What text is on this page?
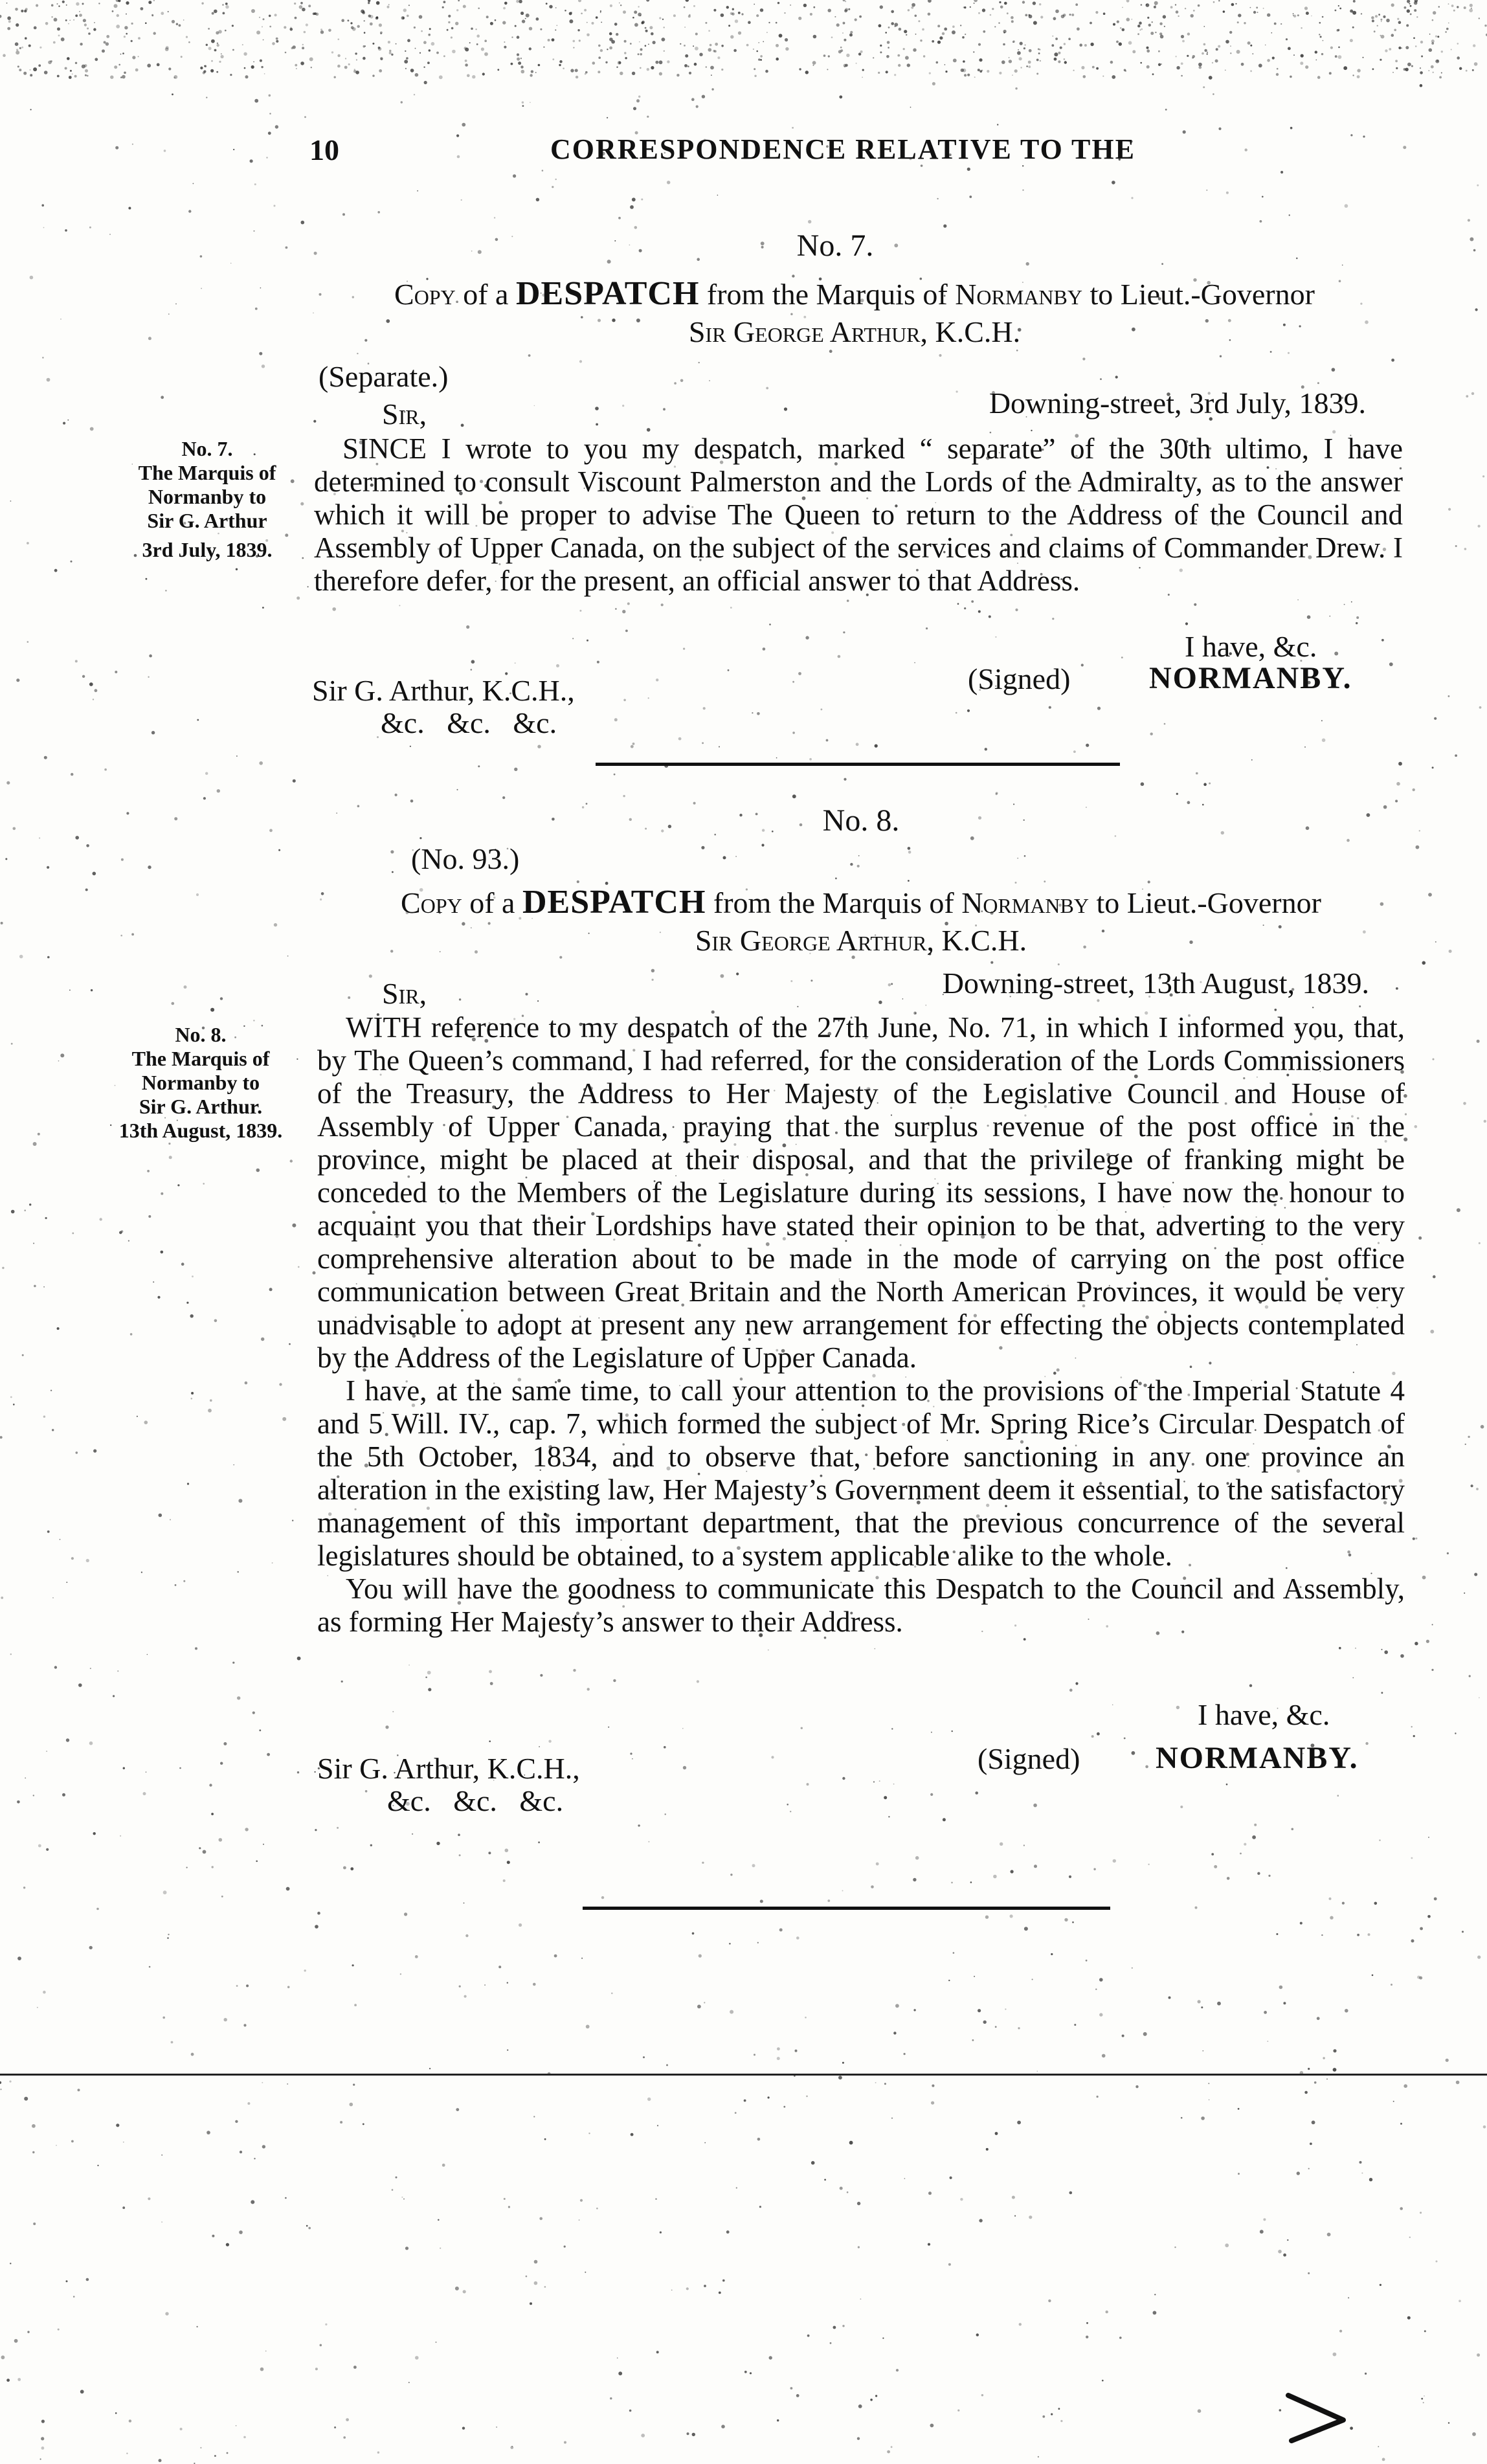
10	CORRESPONDENCE RELATIVE TO THE
No. 7.
Copy of a DESPATCH from the Marquis of Normanby to Lieut.-Governor
Sir George Arthur, K.C.H.
(Separate.)
Sir,	Downing-street, 3rd July, 1839.
No. 7.
The Marquis of
Normanby to
Sir G. Arthur
3rd July, 1839.

SINCE I wrote to you my despatch, marked “ separate” of the 30th ultimo, I have determined to consult Viscount Palmerston and the Lords of the Admiralty, as to the answer which it will be proper to advise The Queen to return to the Address of the Council and Assembly of Upper Canada, on the subject of the services and claims of Commander Drew. I therefore defer, for the present, an official answer to that Address.

I have, &c.
(Signed)	NORMANBY.
Sir G. Arthur, K.C.H.,
&c.   &c.   &c.
No. 8.
(No. 93.)
Copy of a DESPATCH from the Marquis of Normanby to Lieut.-Governor
Sir George Arthur, K.C.H.
Sir,	Downing-street, 13th August, 1839.
No. 8.
The Marquis of
Normanby to
Sir G. Arthur.
13th August, 1839.

WITH reference to my despatch of the 27th June, No. 71, in which I informed you, that, by The Queen’s command, I had referred, for the consideration of the Lords Commissioners of the Treasury, the Address to Her Majesty of the Legislative Council and House of Assembly of Upper Canada, praying that the surplus revenue of the post office in the province, might be placed at their disposal, and that the privilege of franking might be conceded to the Members of the Legislature during its sessions, I have now the honour to acquaint you that their Lordships have stated their opinion to be that, adverting to the very comprehensive alteration about to be made in the mode of carrying on the post office communication between Great Britain and the North American Provinces, it would be very unadvisable to adopt at present any new arrangement for effecting the objects contemplated by the Address of the Legislature of Upper Canada.

I have, at the same time, to call your attention to the provisions of the Imperial Statute 4 and 5 Will. IV., cap. 7, which formed the subject of Mr. Spring Rice’s Circular Despatch of the 5th October, 1834, and to observe that, before sanctioning in any one province an alteration in the existing law, Her Majesty’s Government deem it essential, to the satisfactory management of this important department, that the previous concurrence of the several legislatures should be obtained, to a system applicable alike to the whole.

You will have the goodness to communicate this Despatch to the Council and Assembly, as forming Her Majesty’s answer to their Address.

I have, &c.
(Signed) NORMANBY.
Sir G. Arthur, K.C.H.,
&c.   &c.   &c.
